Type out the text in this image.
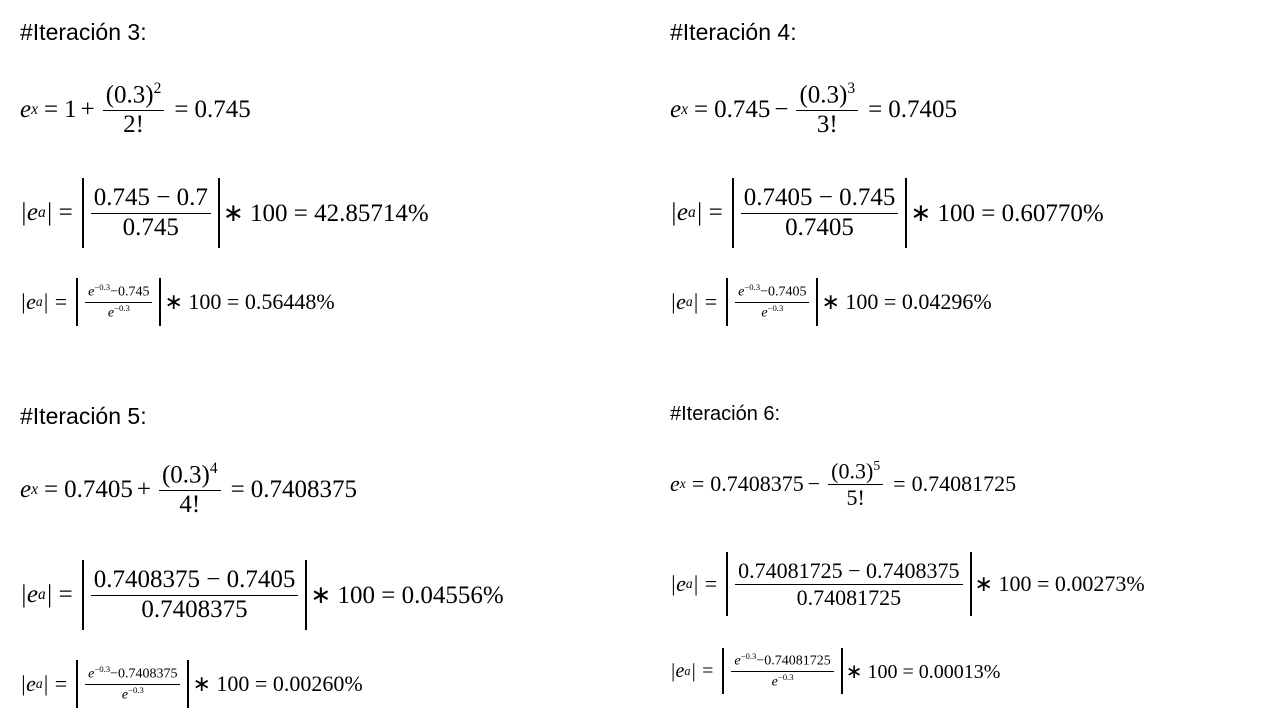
#Iteración 3:
e $x = 1 + \frac{(0.3)^2}{2!} = 0.745$
| e a | = $\frac{0.745 - 0.7}{0.745}$ ∗ 100 = 42.85714%
| e a | = $\frac{e^{-0.3}-0.745}{e^{-0.3}}$ ∗ 100 = 0.56448%
#Iteración 4:
e $x = 0.745 - \frac{(0.3)^3}{3!} = 0.7405$
| e a | = $\frac{0.7405 - 0.745}{0.7405}$ ∗ 100 = 0.60770%
| e a | = $\frac{e^{-0.3}-0.7405}{e^{-0.3}}$ ∗ 100 = 0.04296%
#Iteración 5:
e $x = 0.7405 + \frac{(0.3)^4}{4!} = 0.7408375$
| e a | = $\frac{0.7408375 - 0.7405}{0.7408375}$ ∗ 100 = 0.04556%
| e a | = $\frac{e^{-0.3}-0.7408375}{e^{-0.3}}$ ∗ 100 = 0.00260%
#Iteración 6:
e $x = 0.7408375 - \frac{(0.3)^5}{5!} = 0.74081725$
| e a | = $\frac{0.74081725 - 0.7408375}{0.74081725}$ ∗ 100 = 0.00273%
| e a | = $\frac{e^{-0.3}-0.74081725}{e^{-0.3}}$ ∗ 100 = 0.00013%
